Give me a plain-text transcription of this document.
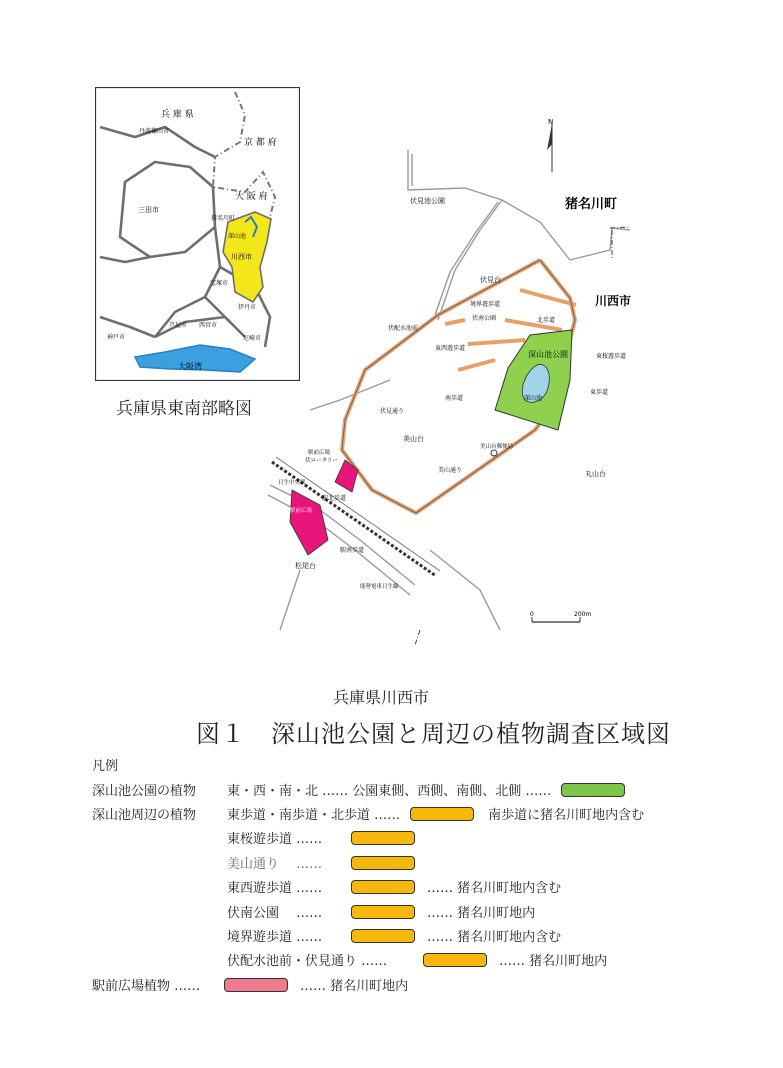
兵 庫 県
丹波篠山市
京 都 府
大 阪 府
三田市
猪名川町
深山池
川西市
宝塚市
伊丹市
神戸市
芦屋市 西宮市
尼崎市
大阪湾
兵庫県東南部略図
N
伏見池公園	猪名川町
川西市
伏見台
境界遊歩道
北歩道
伏南公園
伏配水池前
東西遊歩道
深山池公園	東桜遊歩道
深山池
東歩道
南歩道
伏見通り
美山台
美山台郵便局
丸山台
美山通り
駅前広場
伏ロータリー
日生中央駅
駅北歩道
駅前広場
駅南歩道
松尾台
能勢電車日生線
0	200m
兵庫県川西市
図１　深山池公園と周辺の植物調査区域図
凡例
深山池公園の植物	東・西・南・北 …… 公園東側、西側、南側、北側 ……
深山池周辺の植物	東歩道・南歩道・北歩道 ……	南歩道に猪名川町地内含む
東桜遊歩道 ……
美山通り　 ……
東西遊歩道 ……	…… 猪名川町地内含む
伏南公園　 ……	…… 猪名川町地内
境界遊歩道 ……	…… 猪名川町地内含む
伏配水池前・伏見通り ……	…… 猪名川町地内
駅前広場植物 ……	…… 猪名川町地内
